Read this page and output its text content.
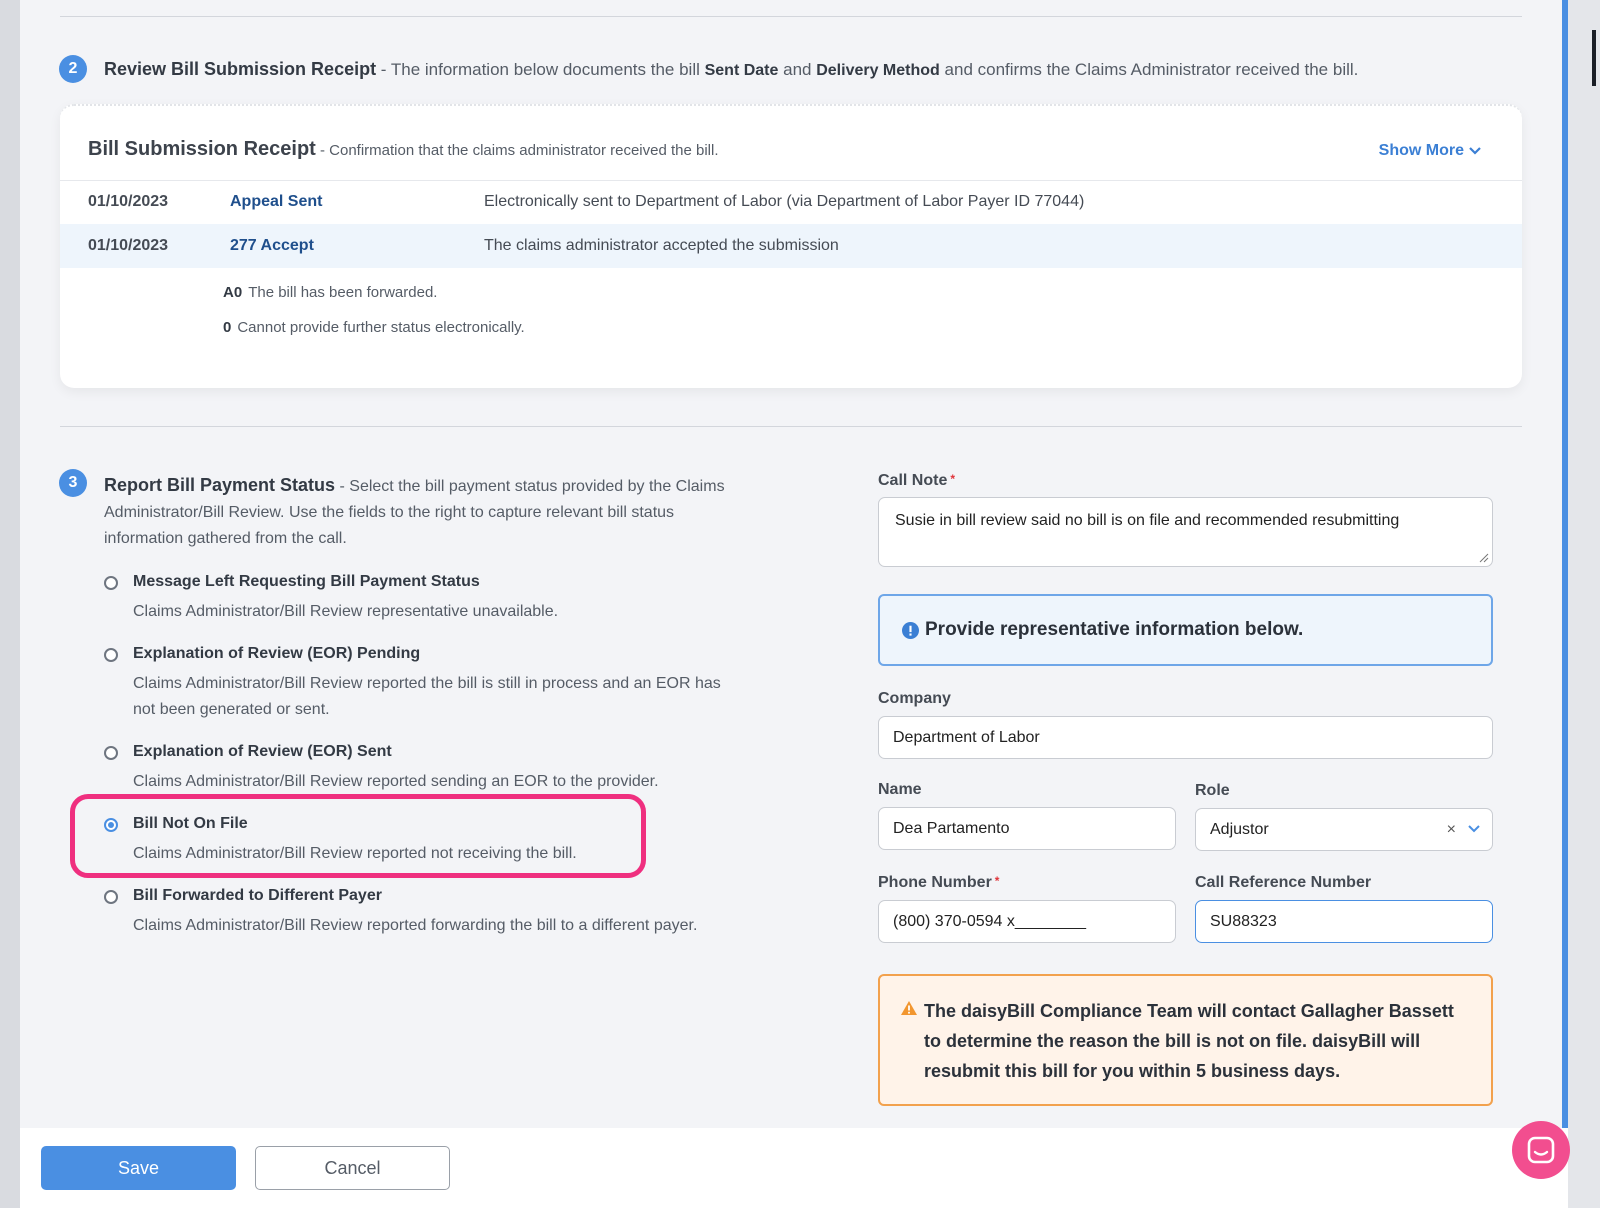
2	Review Bill Submission Receipt - The information below documents the bill Sent Date and Delivery Method and confirms the Claims Administrator received the bill.
Bill Submission Receipt - Confirmation that the claims administrator received the bill.	Show More
01/10/2023	Appeal Sent	Electronically sent to Department of Labor (via Department of Labor Payer ID 77044)
01/10/2023	277 Accept	The claims administrator accepted the submission
A0 The bill has been forwarded.
0 Cannot provide further status electronically.
3	Report Bill Payment Status - Select the bill payment status provided by the Claims Administrator/Bill Review. Use the fields to the right to capture relevant bill status information gathered from the call.
Message Left Requesting Bill Payment Status
Claims Administrator/Bill Review representative unavailable.
Explanation of Review (EOR) Pending
Claims Administrator/Bill Review reported the bill is still in process and an EOR has not been generated or sent.
Explanation of Review (EOR) Sent
Claims Administrator/Bill Review reported sending an EOR to the provider.
Bill Not On File
Claims Administrator/Bill Review reported not receiving the bill.
Bill Forwarded to Different Payer
Claims Administrator/Bill Review reported forwarding the bill to a different payer.
Call Note *
Susie in bill review said no bill is on file and recommended resubmitting
Provide representative information below.
Company
Department of Labor
Name
Dea Partamento
Role
Adjustor	×
Phone Number *
(800) 370-0594 x________
Call Reference Number
SU88323
The daisyBill Compliance Team will contact Gallagher Bassett to determine the reason the bill is not on file. daisyBill will resubmit this bill for you within 5 business days.
Save	Cancel
